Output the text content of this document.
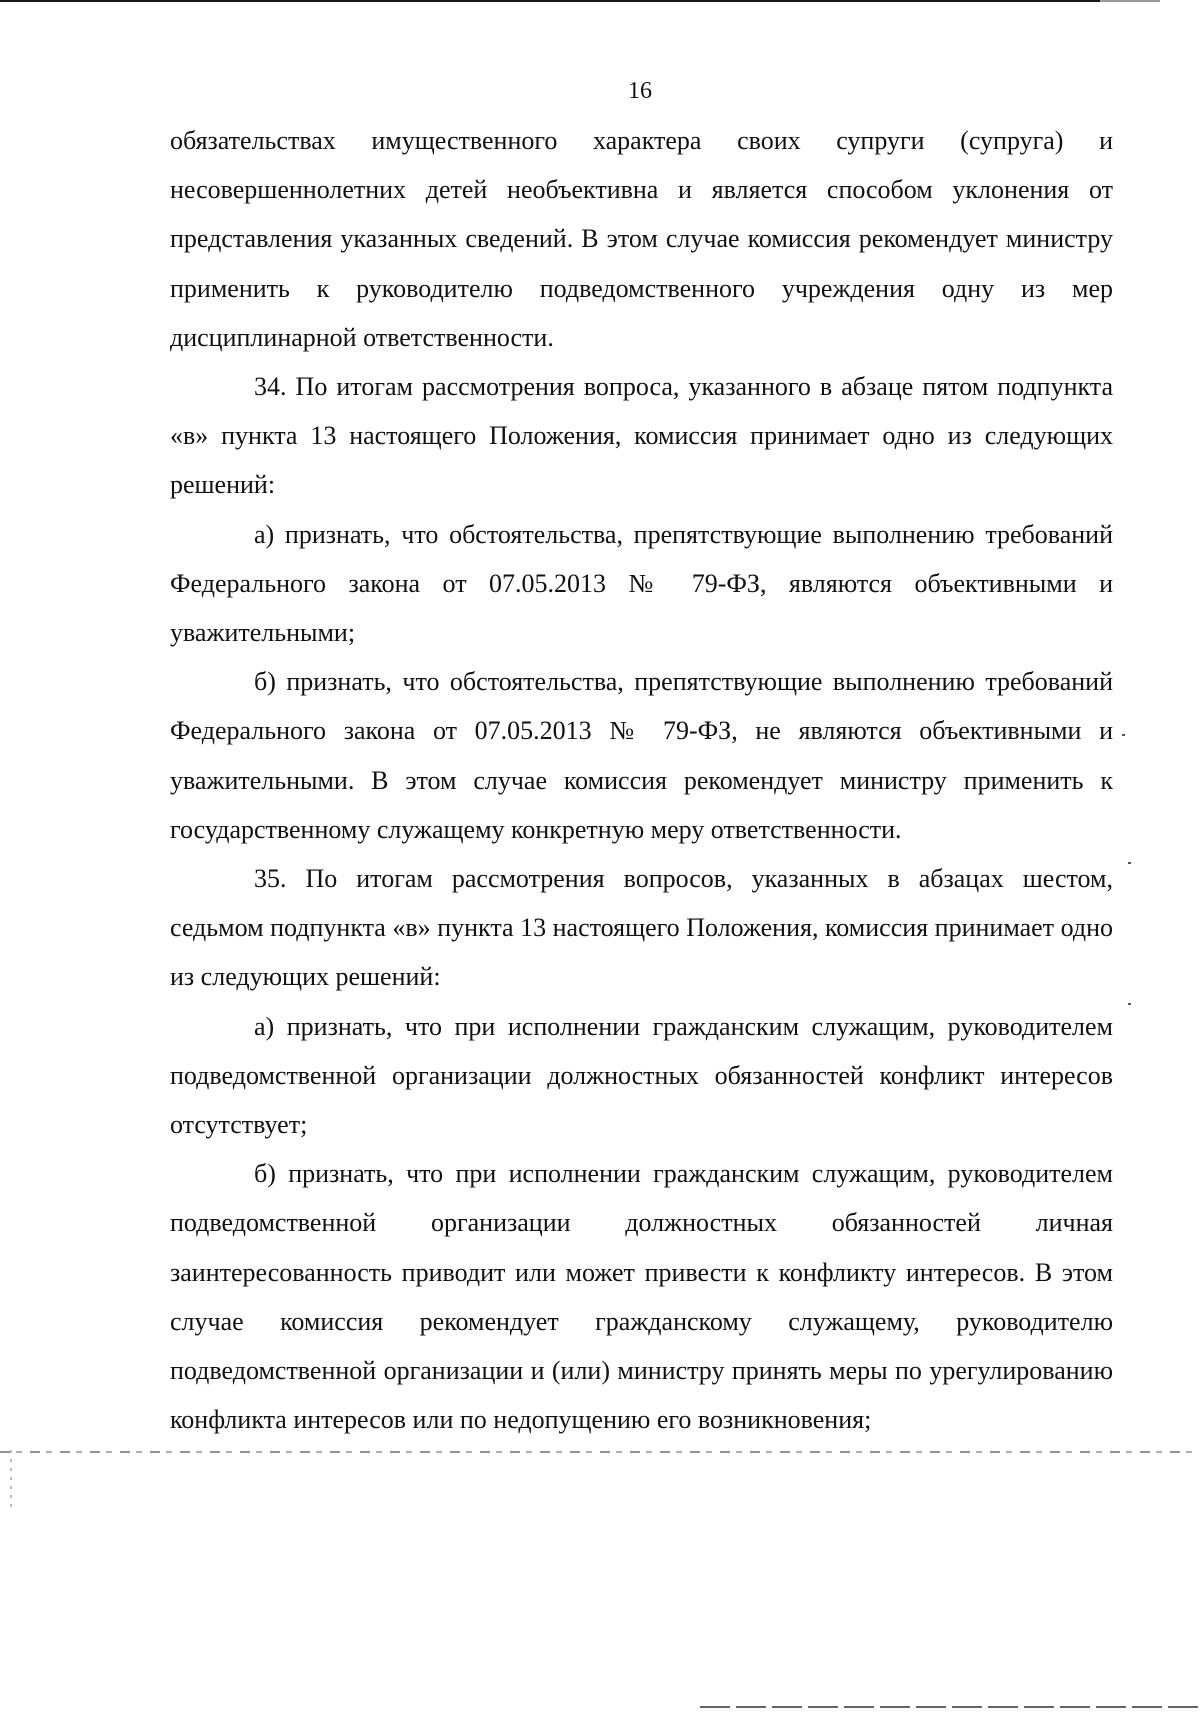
16

обязательствах имущественного характера своих супруги (супруга) и несовершеннолетних детей необъективна и является способом уклонения от представления указанных сведений. В этом случае комиссия рекомендует министру применить к руководителю подведомственного учреждения одну из мер дисциплинарной ответственности.

34. По итогам рассмотрения вопроса, указанного в абзаце пятом подпункта «в» пункта 13 настоящего Положения, комиссия принимает одно из следующих решений:

а) признать, что обстоятельства, препятствующие выполнению требований Федерального закона от 07.05.2013 № 79-ФЗ, являются объективными и уважительными;

б) признать, что обстоятельства, препятствующие выполнению требований Федерального закона от 07.05.2013 № 79-ФЗ, не являются объективными и уважительными. В этом случае комиссия рекомендует министру применить к государственному служащему конкретную меру ответственности.

35. По итогам рассмотрения вопросов, указанных в абзацах шестом, седьмом подпункта «в» пункта 13 настоящего Положения, комиссия принимает одно из следующих решений:

а) признать, что при исполнении гражданским служащим, руководителем подведомственной организации должностных обязанностей конфликт интересов отсутствует;

б) признать, что при исполнении гражданским служащим, руководителем подведомственной организации должностных обязанностей личная заинтересованность приводит или может привести к конфликту интересов. В этом случае комиссия рекомендует гражданскому служащему, руководителю подведомственной организации и (или) министру принять меры по урегулированию конфликта интересов или по недопущению его возникновения;
